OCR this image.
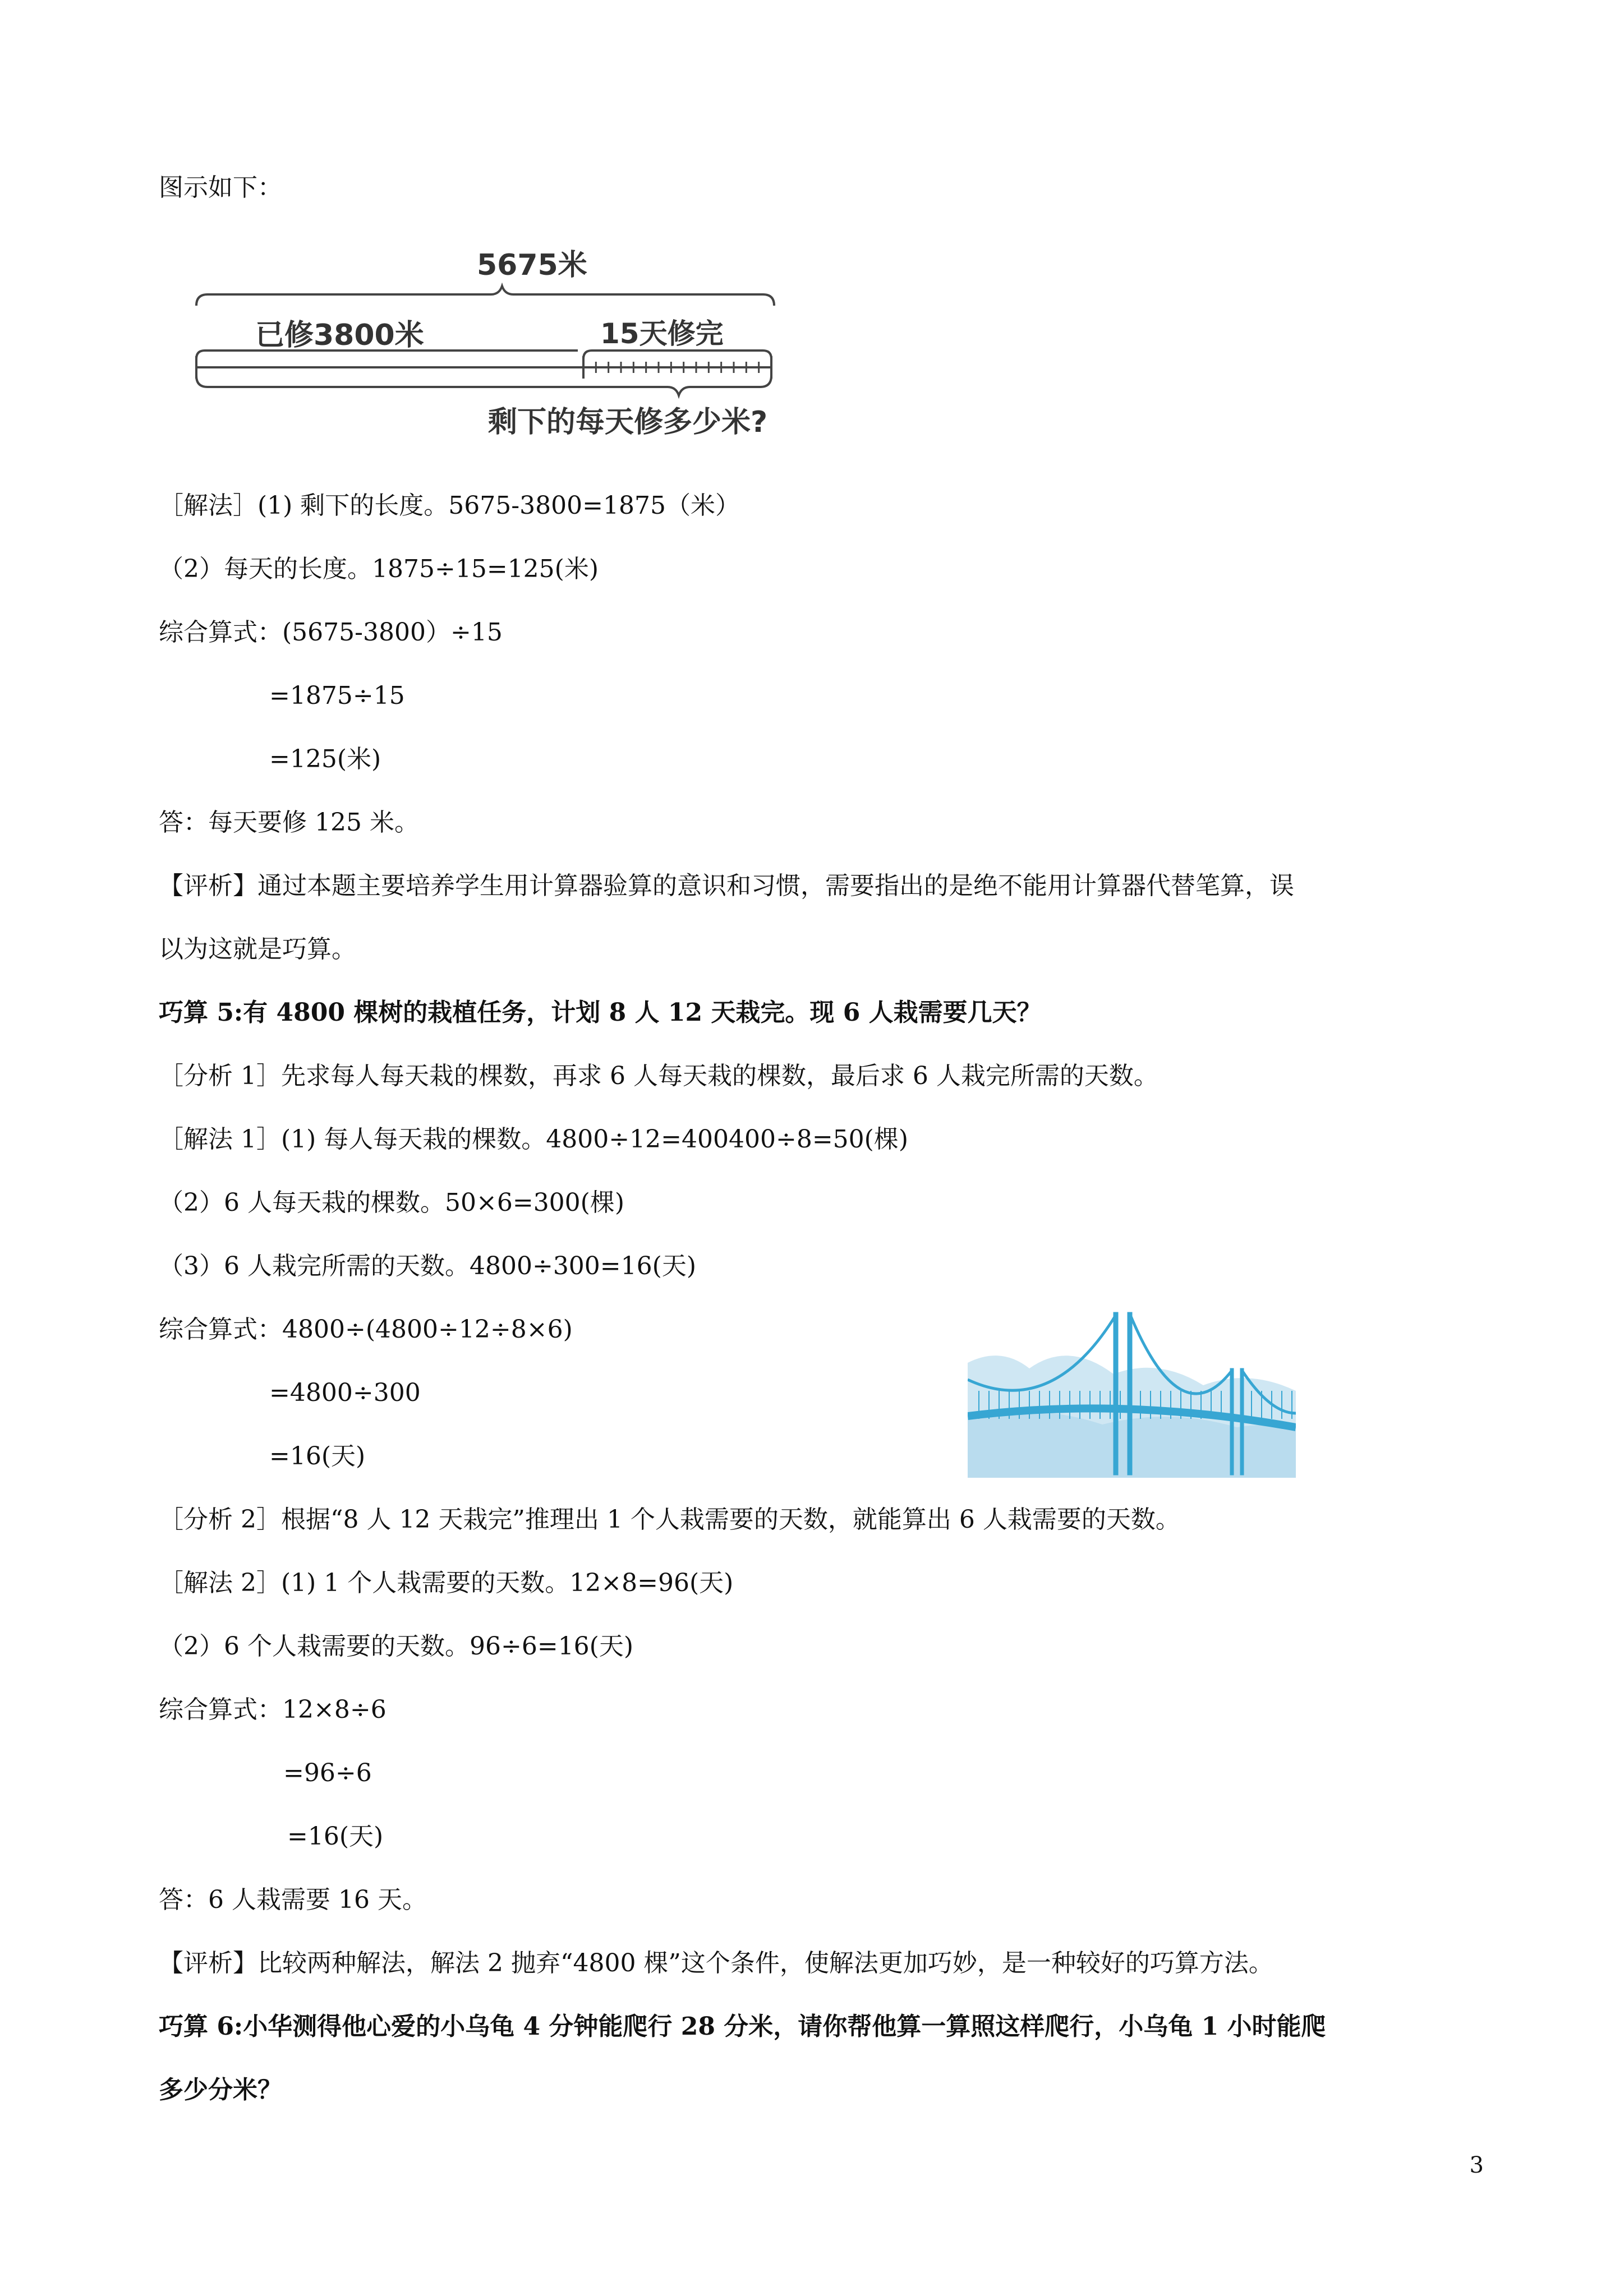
图示如下：
5675米
已修3800米	15天修完
剩下的每天修多少米?
［解法］(1) 剩下的长度。5675-3800=1875（米）
（2）每天的长度。1875÷15=125(米)
综合算式：(5675-3800）÷15
=1875÷15
=125(米)
答：每天要修 125 米。
【评析】通过本题主要培养学生用计算器验算的意识和习惯，需要指出的是绝不能用计算器代替笔算，误
以为这就是巧算。
巧算 5:有 4800 棵树的栽植任务，计划 8 人 12 天栽完。现 6 人栽需要几天？
［分析 1］先求每人每天栽的棵数，再求 6 人每天栽的棵数，最后求 6 人栽完所需的天数。
［解法 1］(1) 每人每天栽的棵数。4800÷12=400400÷8=50(棵)
（2）6 人每天栽的棵数。50×6=300(棵)
（3）6 人栽完所需的天数。4800÷300=16(天)
综合算式：4800÷(4800÷12÷8×6)
=4800÷300
=16(天)
［分析 2］根据“8 人 12 天栽完”推理出 1 个人栽需要的天数，就能算出 6 人栽需要的天数。
［解法 2］(1) 1 个人栽需要的天数。12×8=96(天)
（2）6 个人栽需要的天数。96÷6=16(天)
综合算式：12×8÷6
=96÷6
=16(天)
答：6 人栽需要 16 天。
【评析】比较两种解法，解法 2 抛弃“4800 棵”这个条件，使解法更加巧妙，是一种较好的巧算方法。
巧算 6:小华测得他心爱的小乌龟 4 分钟能爬行 28 分米，请你帮他算一算照这样爬行，小乌龟 1 小时能爬
多少分米？
3
